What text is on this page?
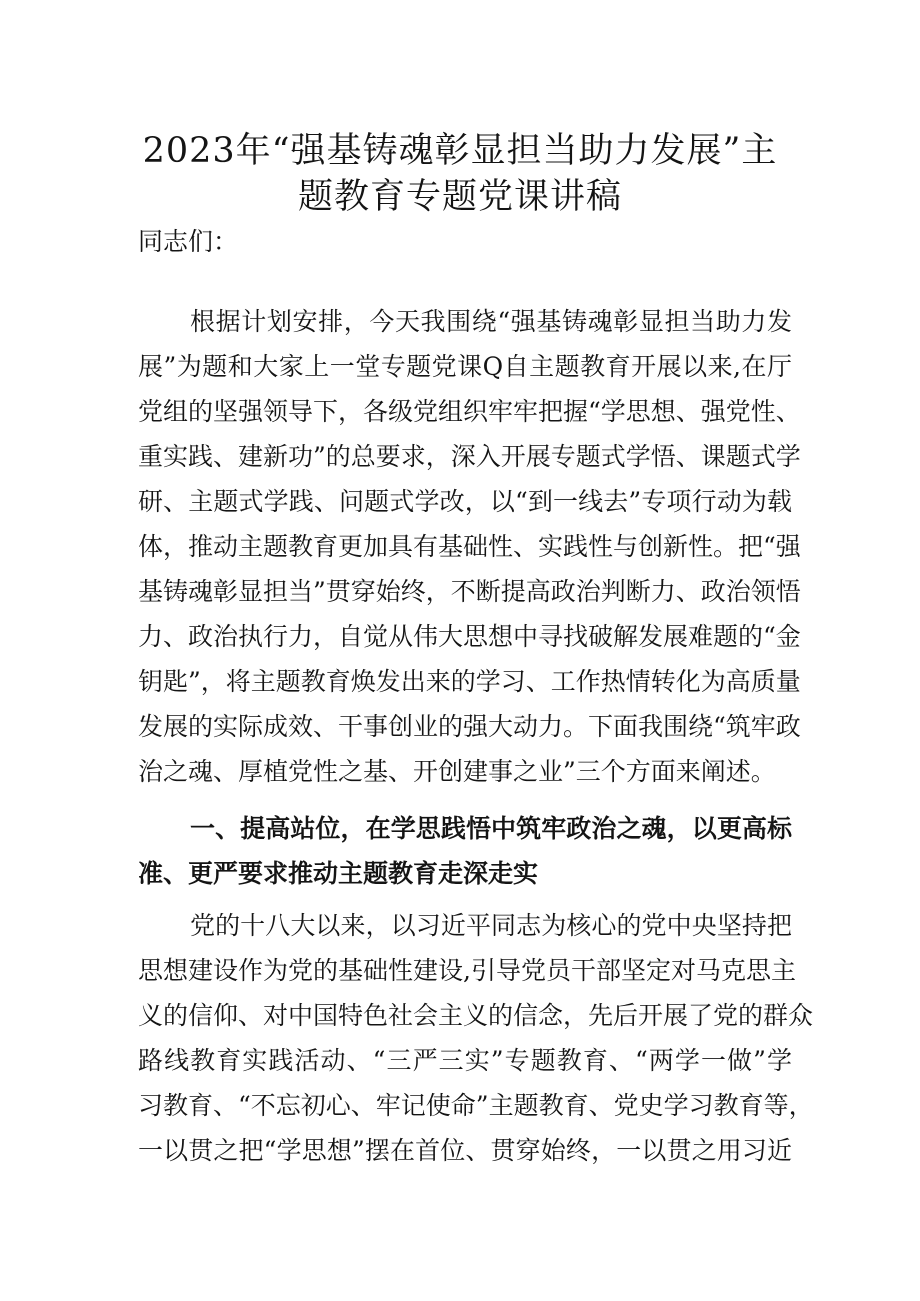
2023年“强基铸魂彰显担当助力发展”主
题教育专题党课讲稿

同志们：

根据计划安排，今天我围绕“强基铸魂彰显担当助力发

展”为题和大家上一堂专题党课Q自主题教育开展以来,在厅

党组的坚强领导下，各级党组织牢牢把握“学思想、强党性、

重实践、建新功”的总要求，深入开展专题式学悟、课题式学

研、主题式学践、问题式学改，以“到一线去”专项行动为载

体，推动主题教育更加具有基础性、实践性与创新性。把“强

基铸魂彰显担当”贯穿始终，不断提高政治判断力、政治领悟

力、政治执行力，自觉从伟大思想中寻找破解发展难题的“金

钥匙”，将主题教育焕发出来的学习、工作热情转化为高质量

发展的实际成效、干事创业的强大动力。下面我围绕“筑牢政

治之魂、厚植党性之基、开创建事之业”三个方面来阐述。

一、提高站位，在学思践悟中筑牢政治之魂，以更高标

准、更严要求推动主题教育走深走实

党的十八大以来，以习近平同志为核心的党中央坚持把

思想建设作为党的基础性建设,引导党员干部坚定对马克思主

义的信仰、对中国特色社会主义的信念，先后开展了党的群众

路线教育实践活动、“三严三实”专题教育、“两学一做”学

习教育、“不忘初心、牢记使命”主题教育、党史学习教育等，

一以贯之把“学思想”摆在首位、贯穿始终，一以贯之用习近
